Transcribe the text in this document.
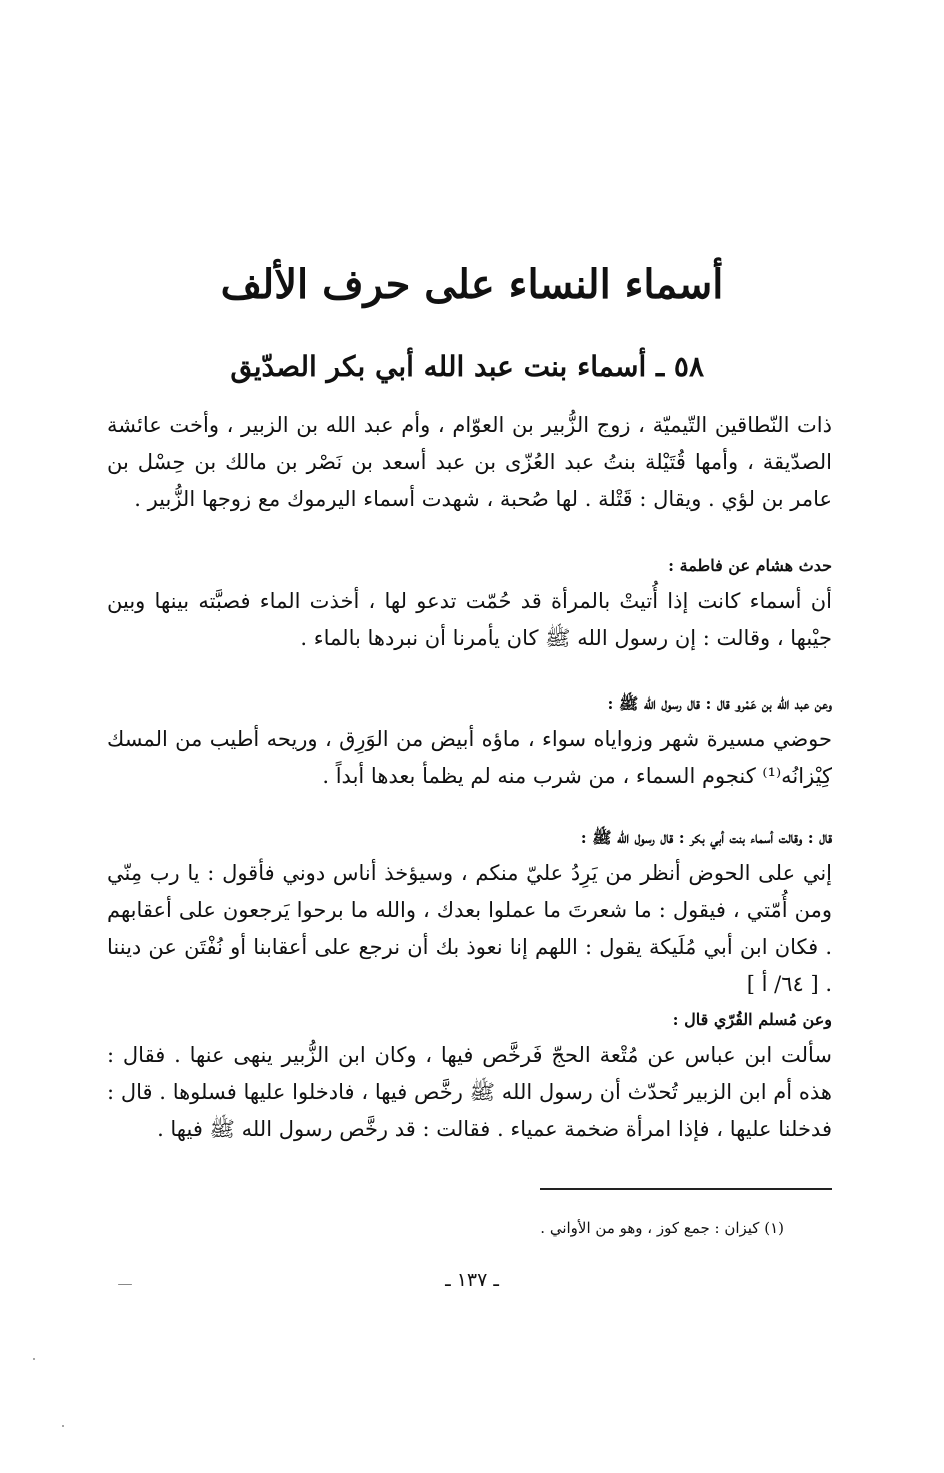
أسماء النساء على حرف الألف
٥٨ ـ أسماء بنت عبد الله أبي بكر الصدّيق

ذات النّطاقين التّيميّة ، زوج الزُّبير بن العوّام ، وأم عبد الله بن الزبير ، وأخت عائشة الصدّيقة ، وأمها قُتَيْلة بنتُ عبد العُزّى بن عبد أسعد بن نَصْر بن مالك بن حِسْل بن عامر بن لؤي . ويقال : قَتْلة . لها صُحبة ، شهدت أسماء اليرموك مع زوجها الزُّبير .

حدث هشام عن فاطمة :

أن أسماء كانت إذا أُتيتْ بالمرأة قد حُمّت تدعو لها ، أخذت الماء فصبَّته بينها وبين جيْبها ، وقالت : إن رسول الله ﷺ كان يأمرنا أن نبردها بالماء .

وعن عبد الله بن عَمْرو قال : قال رسول الله ﷺ :

حوضي مسيرة شهر وزواياه سواء ، ماؤه أبيض من الوَرِق ، وريحه أطيب من المسك كِيْزانُه⁽¹⁾ كنجوم السماء ، من شرب منه لم يظمأ بعدها أبداً .

قال : وقالت أسماء بنت أبي بكر : قال رسول الله ﷺ :

إني على الحوض أنظر من يَرِدُ عليّ منكم ، وسيؤخذ أناس دوني فأقول : يا رب مِنّي ومن أُمّتي ، فيقول : ما شعرتَ ما عملوا بعدك ، والله ما برحوا يَرجعون على أعقابهم . فكان ابن أبي مُلَيكة يقول : اللهم إنا نعوذ بك أن نرجع على أعقابنا أو نُفْتَن عن ديننا . [ ٦٤/ أ ]

وعن مُسلم القُرّي قال :

سألت ابن عباس عن مُتْعة الحجّ فَرخَّص فيها ، وكان ابن الزُّبير ينهى عنها . فقال : هذه أم ابن الزبير تُحدّث أن رسول الله ﷺ رخَّص فيها ، فادخلوا عليها فسلوها . قال : فدخلنا عليها ، فإذا امرأة ضخمة عمياء . فقالت : قد رخَّص رسول الله ﷺ فيها .

(١) كيزان : جمع كوز ، وهو من الأواني .

ـ ١٣٧ ـ
